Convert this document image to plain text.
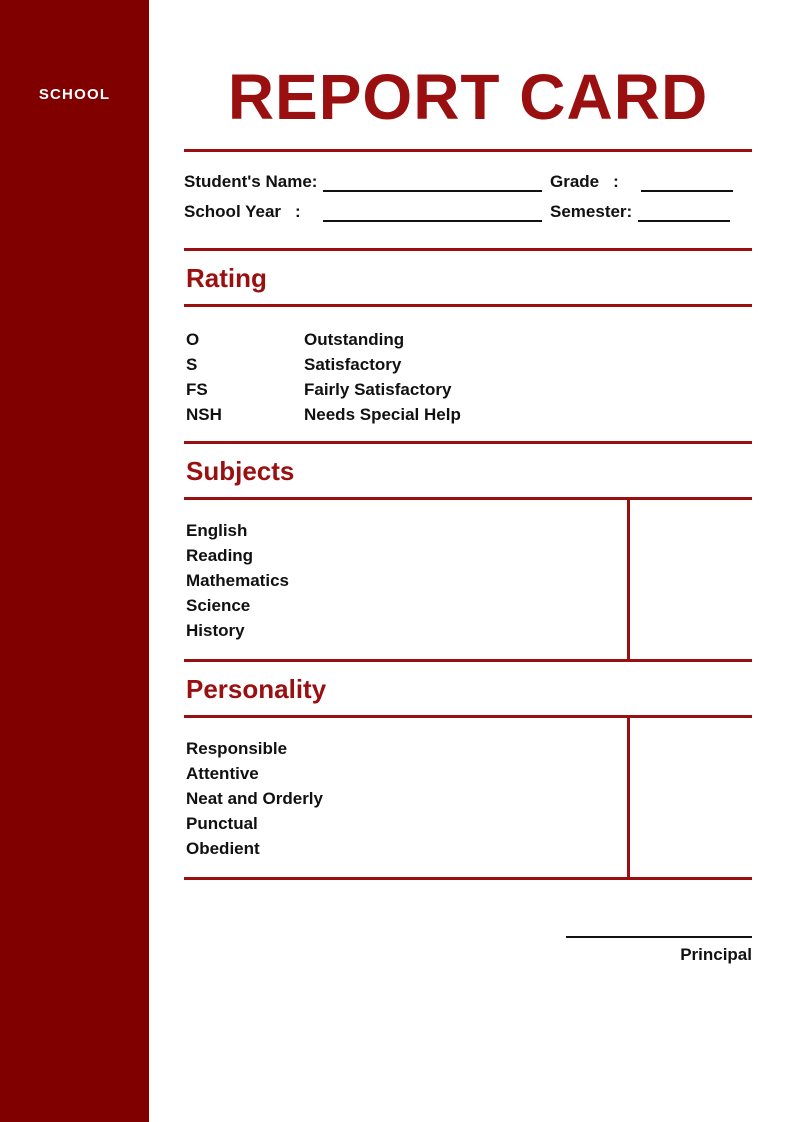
SCHOOL	REPORT CARD
Student's Name:	Grade :
School Year :	Semester:
Rating
O	Outstanding
S	Satisfactory
FS	Fairly Satisfactory
NSH	Needs Special Help
Subjects
English
Reading
Mathematics
Science
History
Personality
Responsible
Attentive
Neat and Orderly
Punctual
Obedient
Principal
